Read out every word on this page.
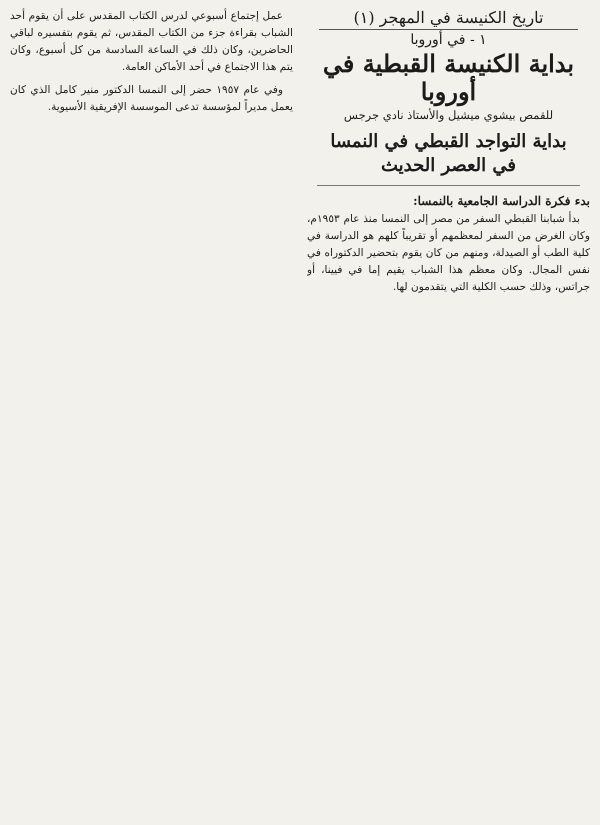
تاريخ الكنيسة في المهجر (١)
١ - في أوروبا
بداية الكنيسة القبطية في أوروبا
للقمص بيشوي ميشيل والأستاذ نادي جرجس
بداية التواجد القبطي في النمسا في العصر الحديث
بدء فكرة الدراسة الجامعية بالنمسا:

بدأ شبابنا القبطي السفر من مصر إلى النمسا منذ عام ١٩٥٣م، وكان الغرض من السفر لمعظمهم أو تقريباً كلهم هو الدراسة في كلية الطب أو الصيدلة، ومنهم من كان يقوم بتحضير الدكتوراه في نفس المجال. وكان معظم هذا الشباب يقيم إما في فيينا، أو جراتس، وذلك حسب الكلية التي يتقدمون لها.

عمل إجتماع أسبوعي لدرس الكتاب المقدس على أن يقوم أحد الشباب بقراءة جزء من الكتاب المقدس، ثم يقوم بتفسيره لباقي الحاضرين، وكان ذلك في الساعة السادسة من كل أسبوع، وكان يتم هذا الاجتماع في أحد الأماكن العامة.

وفي عام ١٩٥٧ حضر إلى النمسا الدكتور منير كامل الذي كان يعمل مديراً لمؤسسة تدعى الموسسة الإفريقية الأسيوية.
